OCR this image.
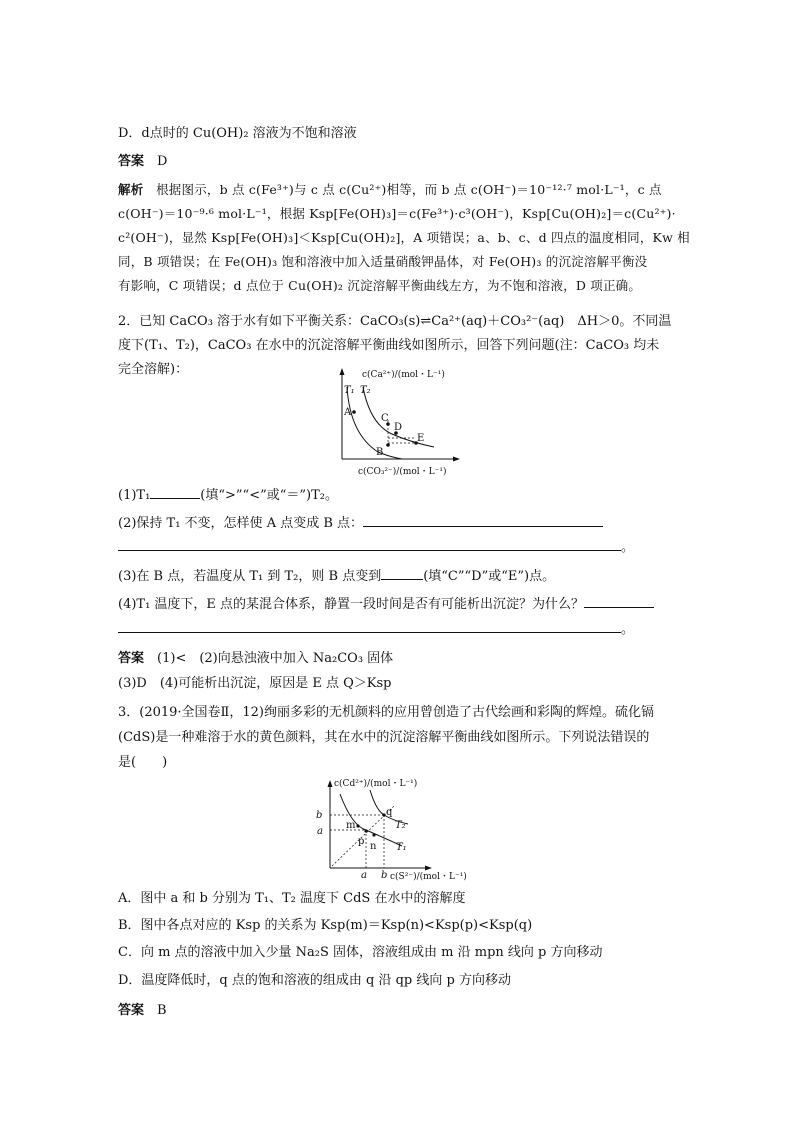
D．d点时的 Cu(OH)₂ 溶液为不饱和溶液
答案　 D
解析　 根据图示，b 点 c(Fe³⁺)与 c 点 c(Cu²⁺)相等，而 b 点 c(OH⁻)＝10⁻¹²·⁷ mol·L⁻¹，c 点
c(OH⁻)＝10⁻⁹·⁶ mol·L⁻¹，根据 Ksp[Fe(OH)₃]＝c(Fe³⁺)·c³(OH⁻)，Ksp[Cu(OH)₂]＝c(Cu²⁺)·
c²(OH⁻)，显然 Ksp[Fe(OH)₃]＜Ksp[Cu(OH)₂]，A 项错误；a、b、c、d 四点的温度相同，Kw 相
同，B 项错误；在 Fe(OH)₃ 饱和溶液中加入适量硝酸钾晶体，对 Fe(OH)₃ 的沉淀溶解平衡没
有影响，C 项错误；d 点位于 Cu(OH)₂ 沉淀溶解平衡曲线左方，为不饱和溶液，D 项正确。
2．已知 CaCO₃ 溶于水有如下平衡关系：CaCO₃(s)⇌Ca²⁺(aq)＋CO₃²⁻(aq)　ΔH＞0。不同温
度下(T₁、T₂)，CaCO₃ 在水中的沉淀溶解平衡曲线如图所示，回答下列问题(注：CaCO₃ 均未
完全溶解)：	c(Ca²⁺)/(mol・L⁻¹)
c(CO₃²⁻)/(mol・L⁻¹)
T₁ T₂
A
C
D
E
B
(1)T₁	(填“>”“<”或“＝”)T₂。
(2)保持 T₁ 不变，怎样使 A 点变成 B 点：
。
(3)在 B 点，若温度从 T₁ 到 T₂，则 B 点变到	(填“C”“D”或“E”)点。
(4)T₁ 温度下，E 点的某混合体系，静置一段时间是否有可能析出沉淀？为什么？
。
答案　 (1)<　(2)向悬浊液中加入 Na₂CO₃ 固体
(3)D　(4)可能析出沉淀，原因是 E 点 Q＞Ksp
3．(2019·全国卷Ⅱ，12)绚丽多彩的无机颜料的应用曾创造了古代绘画和彩陶的辉煌。硫化镉
(CdS)是一种难溶于水的黄色颜料，其在水中的沉淀溶解平衡曲线如图所示。下列说法错误的
是(　　)
c(Cd²⁺)/(mol・L⁻¹)
c(S²⁻)/(mol・L⁻¹)
b
a
a b
q
T₂
m
p n T₁
A．图中 a 和 b 分别为 T₁、T₂ 温度下 CdS 在水中的溶解度
B．图中各点对应的 Ksp 的关系为 Ksp(m)＝Ksp(n)<Ksp(p)<Ksp(q)
C．向 m 点的溶液中加入少量 Na₂S 固体，溶液组成由 m 沿 mpn 线向 p 方向移动
D．温度降低时，q 点的饱和溶液的组成由 q 沿 qp 线向 p 方向移动
答案　 B
